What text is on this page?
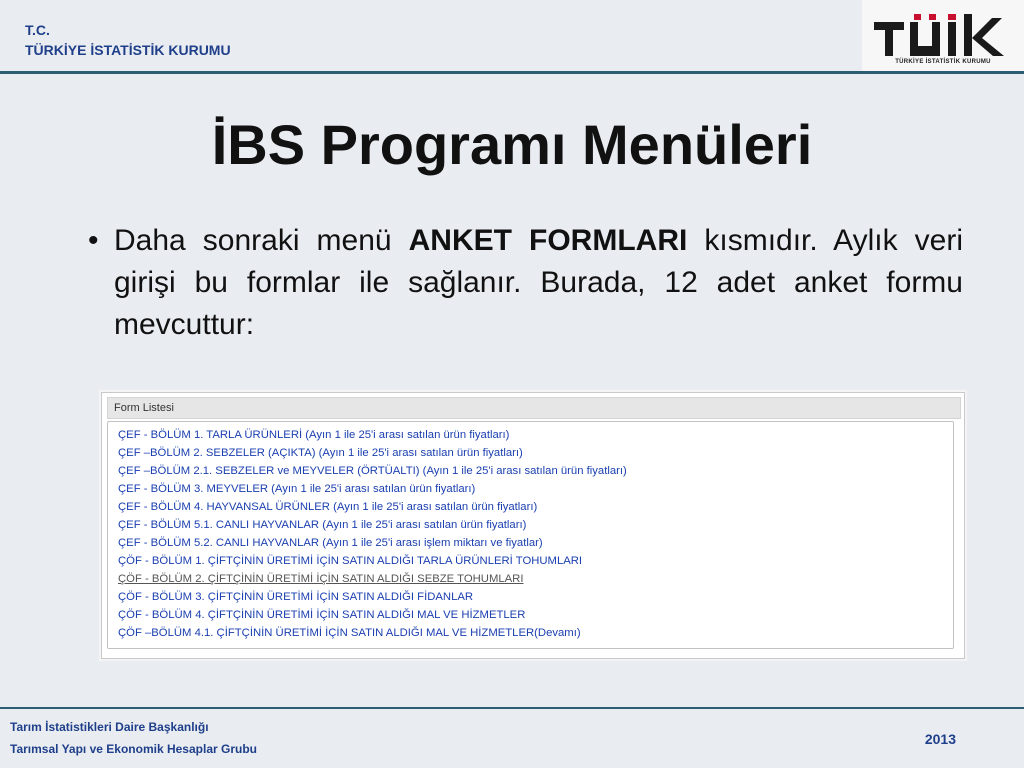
T.C.
TÜRKİYE İSTATİSTİK KURUMU
TÜRKİYE İSTATİSTİK KURUMU
İBS Programı Menüleri
• Daha sonraki menü ANKET FORMLARI kısmıdır. Aylık veri girişi bu formlar ile sağlanır. Burada, 12 adet anket formu mevcuttur:
Form Listesi
ÇEF - BÖLÜM 1. TARLA ÜRÜNLERİ (Ayın 1 ile 25'i arası satılan ürün fiyatları)
ÇEF –BÖLÜM 2. SEBZELER (AÇIKTA) (Ayın 1 ile 25'i arası satılan ürün fiyatları)
ÇEF –BÖLÜM 2.1. SEBZELER ve MEYVELER (ÖRTÜALTI) (Ayın 1 ile 25'i arası satılan ürün fiyatları)
ÇEF - BÖLÜM 3. MEYVELER (Ayın 1 ile 25'i arası satılan ürün fiyatları)
ÇEF - BÖLÜM 4. HAYVANSAL ÜRÜNLER (Ayın 1 ile 25'i arası satılan ürün fiyatları)
ÇEF - BÖLÜM 5.1. CANLI HAYVANLAR (Ayın 1 ile 25'i arası satılan ürün fiyatları)
ÇEF - BÖLÜM 5.2. CANLI HAYVANLAR (Ayın 1 ile 25'i arası işlem miktarı ve fiyatlar)
ÇÖF - BÖLÜM 1. ÇİFTÇİNİN ÜRETİMİ İÇİN SATIN ALDIĞI TARLA ÜRÜNLERİ TOHUMLARI
ÇÖF - BÖLÜM 2. ÇİFTÇİNİN ÜRETİMİ İÇİN SATIN ALDIĞI SEBZE TOHUMLARI
ÇÖF - BÖLÜM 3. ÇİFTÇİNİN ÜRETİMİ İÇİN SATIN ALDIĞI FİDANLAR
ÇÖF - BÖLÜM 4. ÇİFTÇİNİN ÜRETİMİ İÇİN SATIN ALDIĞI MAL VE HİZMETLER
ÇÖF –BÖLÜM 4.1. ÇİFTÇİNİN ÜRETİMİ İÇİN SATIN ALDIĞI MAL VE HİZMETLER(Devamı)
Tarım İstatistikleri Daire Başkanlığı
Tarımsal Yapı ve Ekonomik Hesaplar Grubu
2013
